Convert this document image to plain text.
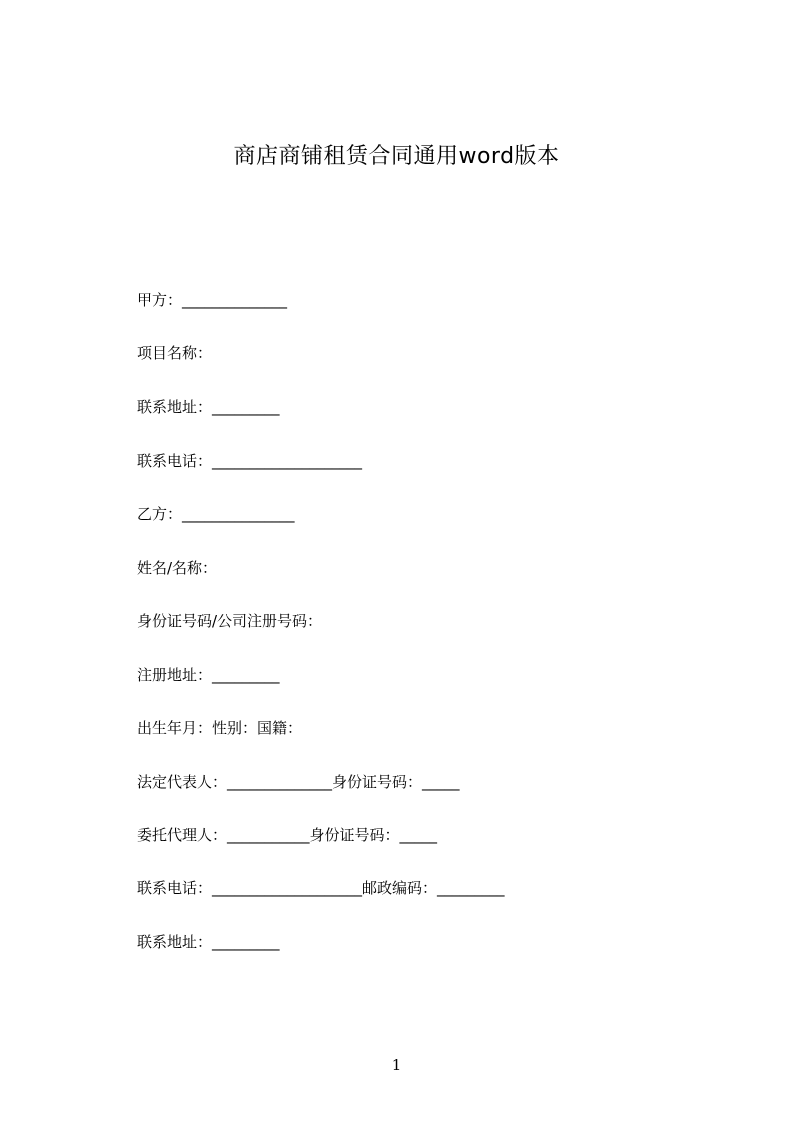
商店商铺租赁合同通用word版本
甲方：______________
项目名称：
联系地址：_________
联系电话：____________________
乙方：_______________
姓名/名称：
身份证号码/公司注册号码：
注册地址：_________
出生年月：性别：国籍：
法定代表人：______________身份证号码：_____
委托代理人：___________身份证号码：_____
联系电话：____________________邮政编码：_________
联系地址：_________
1
